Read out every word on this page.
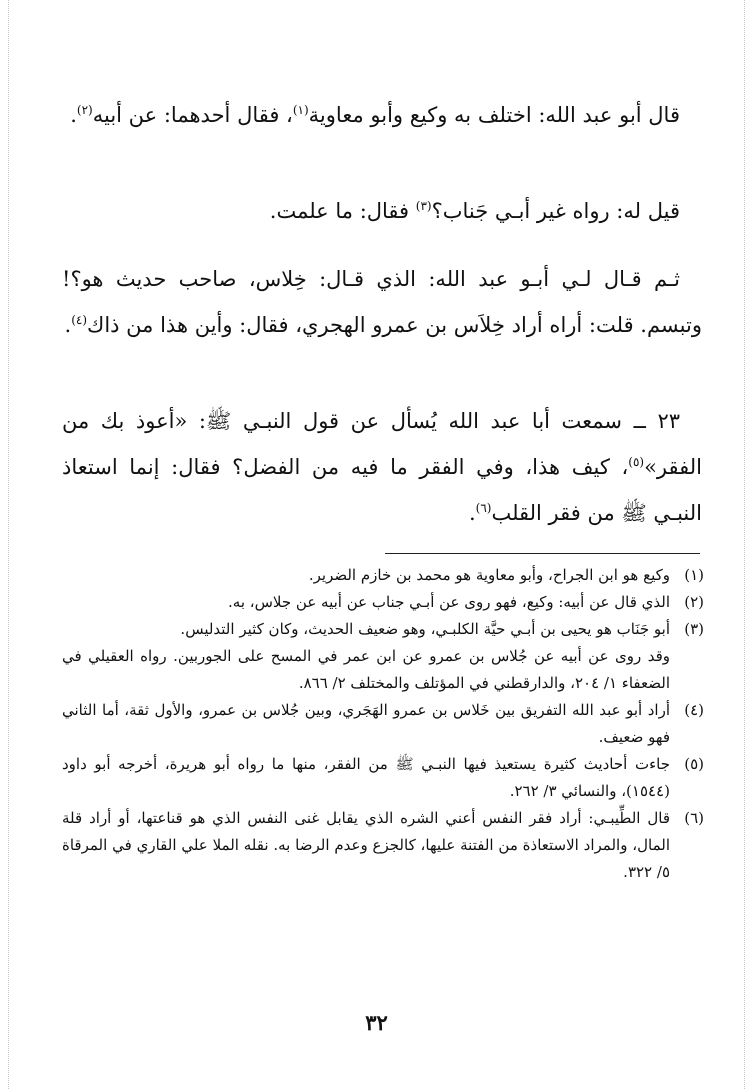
قال أبو عبد الله: اختلف به وكيع وأبو معاوية$^{(١)}$، فقال أحدهما: عن أبيه$^{(٢)}$.

قيل له: رواه غير أبـي جَناب؟$^{(٣)}$ فقال: ما علمت.

ثـم قـال لـي أبـو عبد الله: الذي قـال: خِلاس، صاحب حديث هو؟! وتبسم. قلت: أراه أراد خِلاَس بن عمرو الهجري، فقال: وأين هذا من ذاك$^{(٤)}$.

٢٣ ــ سمعت أبا عبد الله يُسأل عن قول النبـي ﷺ: «أعوذ بك من الفقر»$^{(٥)}$، كيف هذا، وفي الفقر ما فيه من الفضل؟ فقال: إنما استعاذ النبـي ﷺ من فقر القلب$^{(٦)}$.

(١)
وكيع هو ابن الجراح، وأبو معاوية هو محمد بن خازم الضرير.
(٢)
الذي قال عن أبيه: وكيع، فهو روى عن أبـي جناب عن أبيه عن جلاس، به.
(٣)
أبو جَنَاب هو يحيى بن أبـي حيَّة الكلبـي، وهو ضعيف الحديث، وكان كثير التدليس.
وقد روى عن أبيه عن جُلاس بن عمرو عن ابن عمر في المسح على الجوربين. رواه العقيلي في الضعفاء ١/ ٢٠٤، والدارقطني في المؤتلف والمختلف ٢/ ٨٦٦.
(٤)
أراد أبو عبد الله التفريق بين خَلاس بن عمرو الهَجَري، وبين جُلاس بن عمرو، والأول ثقة، أما الثاني فهو ضعيف.
(٥)
جاءت أحاديث كثيرة يستعيذ فيها النبـي ﷺ من الفقر، منها ما رواه أبو هريرة، أخرجه أبو داود (١٥٤٤)، والنسائي ٣/ ٢٦٢.
(٦)
قال الطِّيبـي: أراد فقر النفس أعني الشره الذي يقابل غنى النفس الذي هو قناعتها، أو أراد قلة المال، والمراد الاستعاذة من الفتنة عليها، كالجزع وعدم الرضا به. نقله الملا علي القاري في المرقاة ٥/ ٣٢٢.
٣٢
